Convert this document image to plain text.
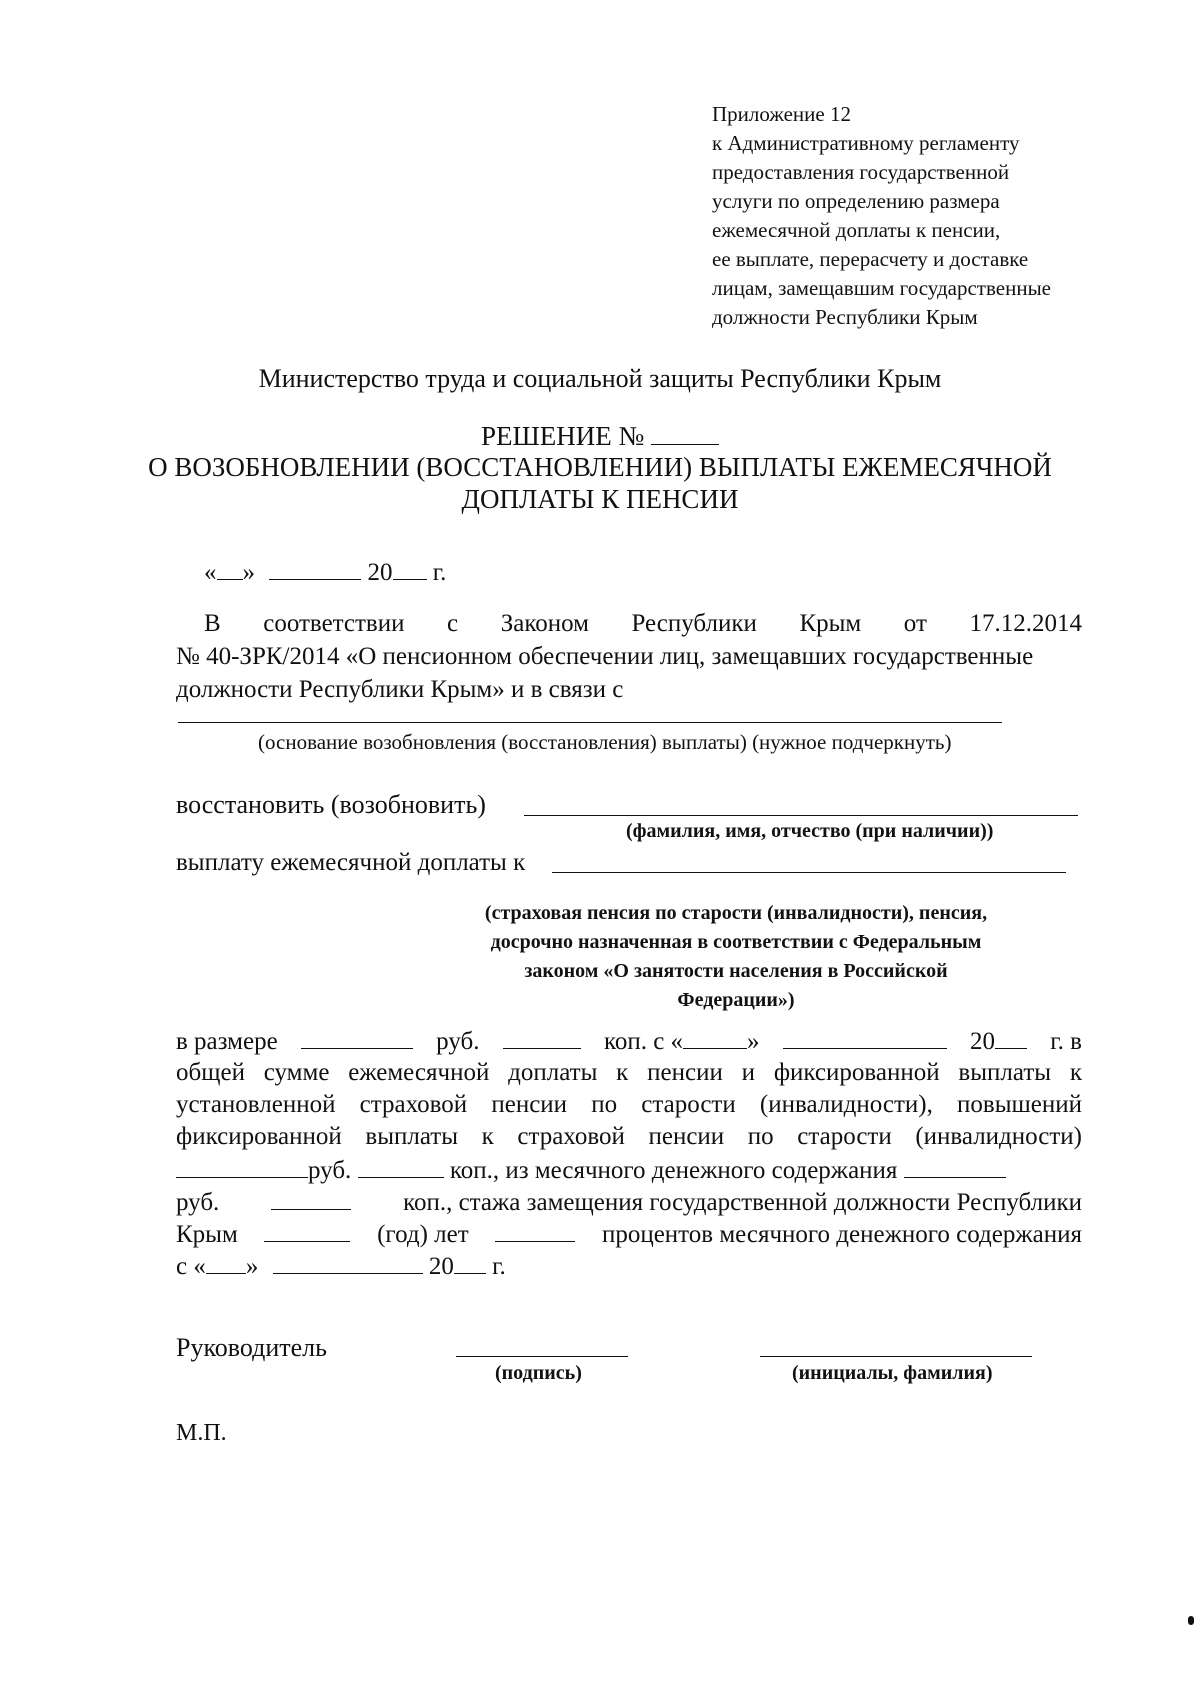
Приложение 12
к Административному регламенту
предоставления государственной
услуги по определению размера
ежемесячной доплаты к пенсии,
ее выплате, перерасчету и доставке
лицам, замещавшим государственные
должности Республики Крым
Министерство труда и социальной защиты Республики Крым
РЕШЕНИЕ №
О ВОЗОБНОВЛЕНИИ (ВОССТАНОВЛЕНИИ) ВЫПЛАТЫ ЕЖЕМЕСЯЧНОЙ
ДОПЛАТЫ К ПЕНСИИ
« »	20 г.
В соответствии с Законом Республики Крым от 17.12.2014
№ 40-ЗРК/2014 «О пенсионном обеспечении лиц, замещавших государственные
должности Республики Крым» и в связи с
(основание возобновления (восстановления) выплаты) (нужное подчеркнуть)
восстановить (возобновить)
(фамилия, имя, отчество (при наличии))
выплату ежемесячной доплаты к
(страховая пенсия по старости (инвалидности), пенсия,
досрочно назначенная в соответствии с Федеральным
законом «О занятости населения в Российской
Федерации»)
в размере	руб.	коп. с «	»	20	г. в
общей сумме ежемесячной доплаты к пенсии и фиксированной выплаты к
установленной страховой пенсии по старости (инвалидности), повышений
фиксированной выплаты к страховой пенсии по старости (инвалидности)
руб.	коп., из месячного денежного содержания
руб.	коп., стажа замещения государственной должности Республики
Крым	(год) лет	процентов месячного денежного содержания
с « »	20 г.
Руководитель
(подпись)	(инициалы, фамилия)
М.П.
